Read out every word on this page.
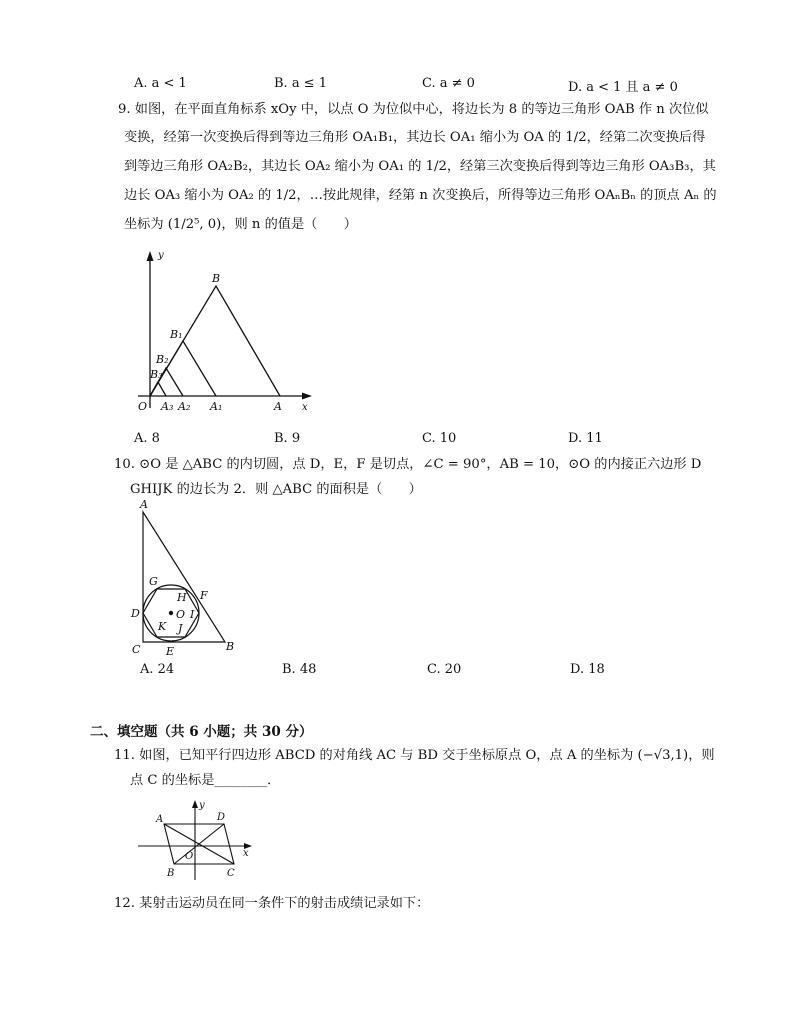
A. a < 1	B. a ≤ 1	C. a ≠ 0	D. a < 1 且 a ≠ 0
9. 如图，在平面直角标系 xOy 中，以点 O 为位似中心，将边长为 8 的等边三角形 OAB 作 n 次位似
变换，经第一次变换后得到等边三角形 OA₁B₁，其边长 OA₁ 缩小为 OA 的 1/2，经第二次变换后得
到等边三角形 OA₂B₂，其边长 OA₂ 缩小为 OA₁ 的 1/2，经第三次变换后得到等边三角形 OA₃B₃，其
边长 OA₃ 缩小为 OA₂ 的 1/2，…按此规律，经第 n 次变换后，所得等边三角形 OAₙBₙ 的顶点 Aₙ 的
坐标为 (1/2⁵, 0)，则 n 的值是（　　）
y
x
O	A
A₁
A₂
A₃
B
B₁
B₂
B₃
A. 8	B. 9	C. 10	D. 11
10. ⊙O 是 △ABC 的内切圆，点 D，E，F 是切点，∠C = 90°，AB = 10，⊙O 的内接正六边形 D
GHIJK 的边长为 2．则 △ABC 的面积是（　　）
A
B
C
D
E
F
G
H
I
J
K
O
A. 24	B. 48	C. 20	D. 18
二、填空题（共 6 小题；共 30 分）
11. 如图，已知平行四边形 ABCD 的对角线 AC 与 BD 交于坐标原点 O，点 A 的坐标为 (−√3,1)，则
点 C 的坐标是________．
A
B	C
D
O	x
y
12. 某射击运动员在同一条件下的射击成绩记录如下：
